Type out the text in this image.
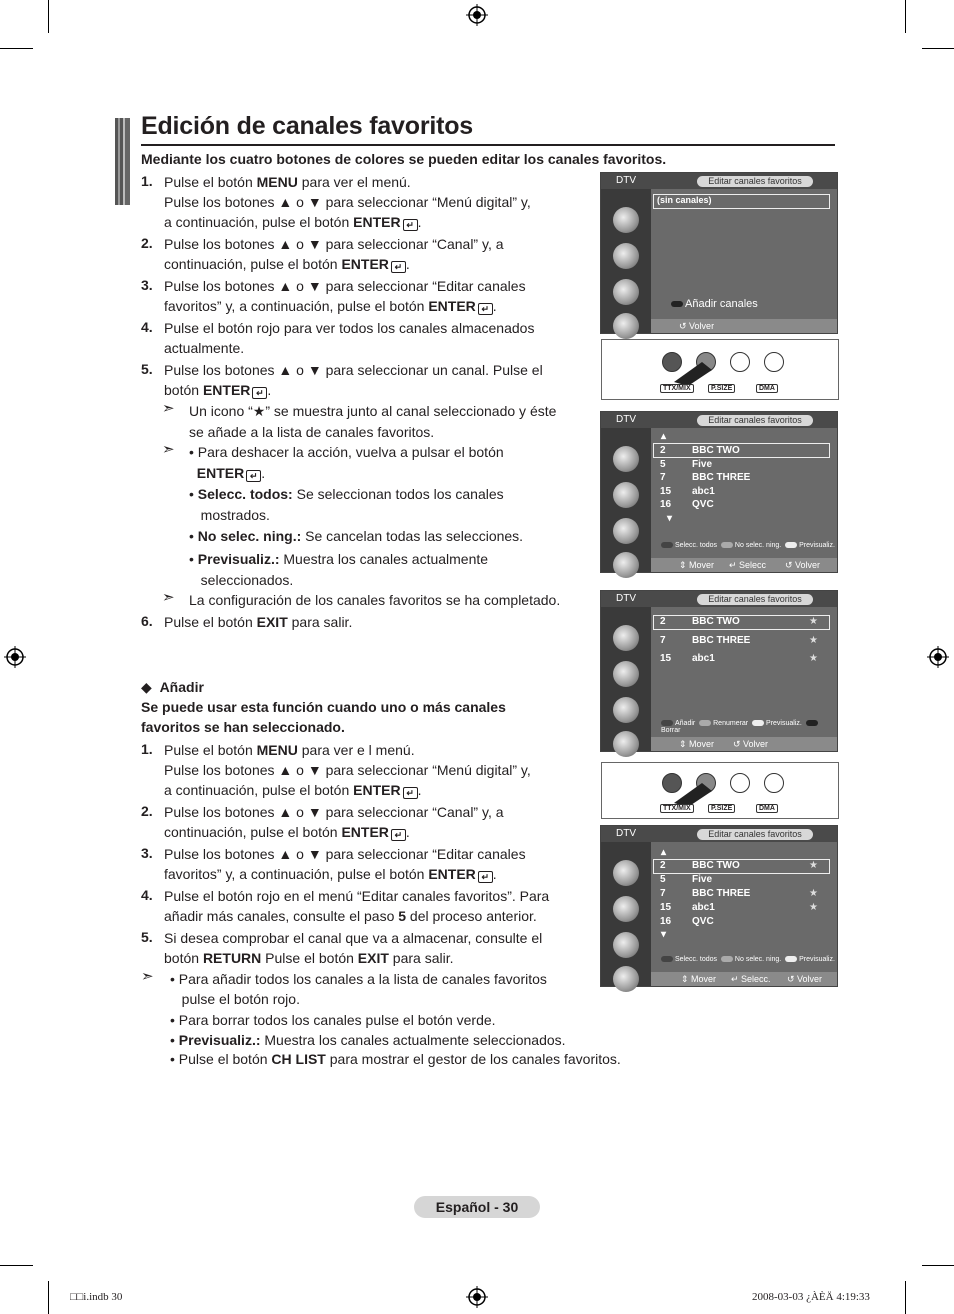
Edición de canales favoritos
Mediante los cuatro botones de colores se pueden editar los canales favoritos.
1. Pulse el botón MENU para ver el menú.
Pulse los botones ▲ o ▼ para seleccionar “Menú digital” y,
a continuación, pulse el botón ENTER ↵ .
2. Pulse los botones ▲ o ▼ para seleccionar “Canal” y, a
continuación, pulse el botón ENTER ↵ .
3. Pulse los botones ▲ o ▼ para seleccionar “Editar canales
favoritos” y, a continuación, pulse el botón ENTER ↵ .
4. Pulse el botón rojo para ver todos los canales almacenados
actualmente.
5. Pulse los botones ▲ o ▼ para seleccionar un canal. Pulse el
botón ENTER ↵ .
6. Pulse el botón EXIT para salir.
➣ Un icono “★” se muestra junto al canal seleccionado y éste
se añade a la lista de canales favoritos.
➣ • Para deshacer la acción, vuelva a pulsar el botón
ENTER ↵ .
• Selecc. todos: Se seleccionan todos los canales
mostrados.
• No selec. ning.: Se cancelan todas las selecciones.
• Previsualiz.: Muestra los canales actualmente
seleccionados.
➣ La configuración de los canales favoritos se ha completado.
◆ Añadir
Se puede usar esta función cuando uno o más canales
favoritos se han seleccionado.
1. Pulse el botón MENU para ver e l menú.
Pulse los botones ▲ o ▼ para seleccionar “Menú digital” y,
a continuación, pulse el botón ENTER ↵ .
2. Pulse los botones ▲ o ▼ para seleccionar “Canal” y, a
continuación, pulse el botón ENTER ↵ .
3. Pulse los botones ▲ o ▼ para seleccionar “Editar canales
favoritos” y, a continuación, pulse el botón ENTER ↵ .
4. Pulse el botón rojo en el menú “Editar canales favoritos”. Para
añadir más canales, consulte el paso 5 del proceso anterior.
5. Si desea comprobar el canal que va a almacenar, consulte el
botón RETURN Pulse el botón EXIT para salir.
➣ • Para añadir todos los canales a la lista de canales favoritos
pulse el botón rojo.
• Para borrar todos los canales pulse el botón verde.
• Previsualiz.: Muestra los canales actualmente seleccionados.
• Pulse el botón CH LIST para mostrar el gestor de los canales favoritos.
DTV	Editar canales favoritos
(sin canales)
Añadir canales
↺ Volver
TTX/MIX	P.SIZE	DMA
DTV	Editar canales favoritos
▴
▾
Selecc. todos	No selec. ning.	Previsualiz.
2	BBC TWO
5	Five
7	BBC THREE
15 abc1
16 QVC
⇕ Mover ↵ Selecc ↺ Volver
DTV	Editar canales favoritos
Añadir	Renumerar	Previsualiz.  Borrar
2	BBC TWO	★
7	BBC THREE	★
15 abc1	★
⇕ Mover ↺ Volver
TTX/MIX	P.SIZE	DMA
DTV	Editar canales favoritos
▴
▾
Selecc. todos	No selec. ning.	Previsualiz.
2	BBC TWO	★
5	Five
7	BBC THREE	★
15 abc1	★
16 QVC
⇕ Mover ↵ Selecc. ↺ Volver
Español - 30
□□i.indb 30	2008-03-03 ¿ÀÈÄ 4:19:33
